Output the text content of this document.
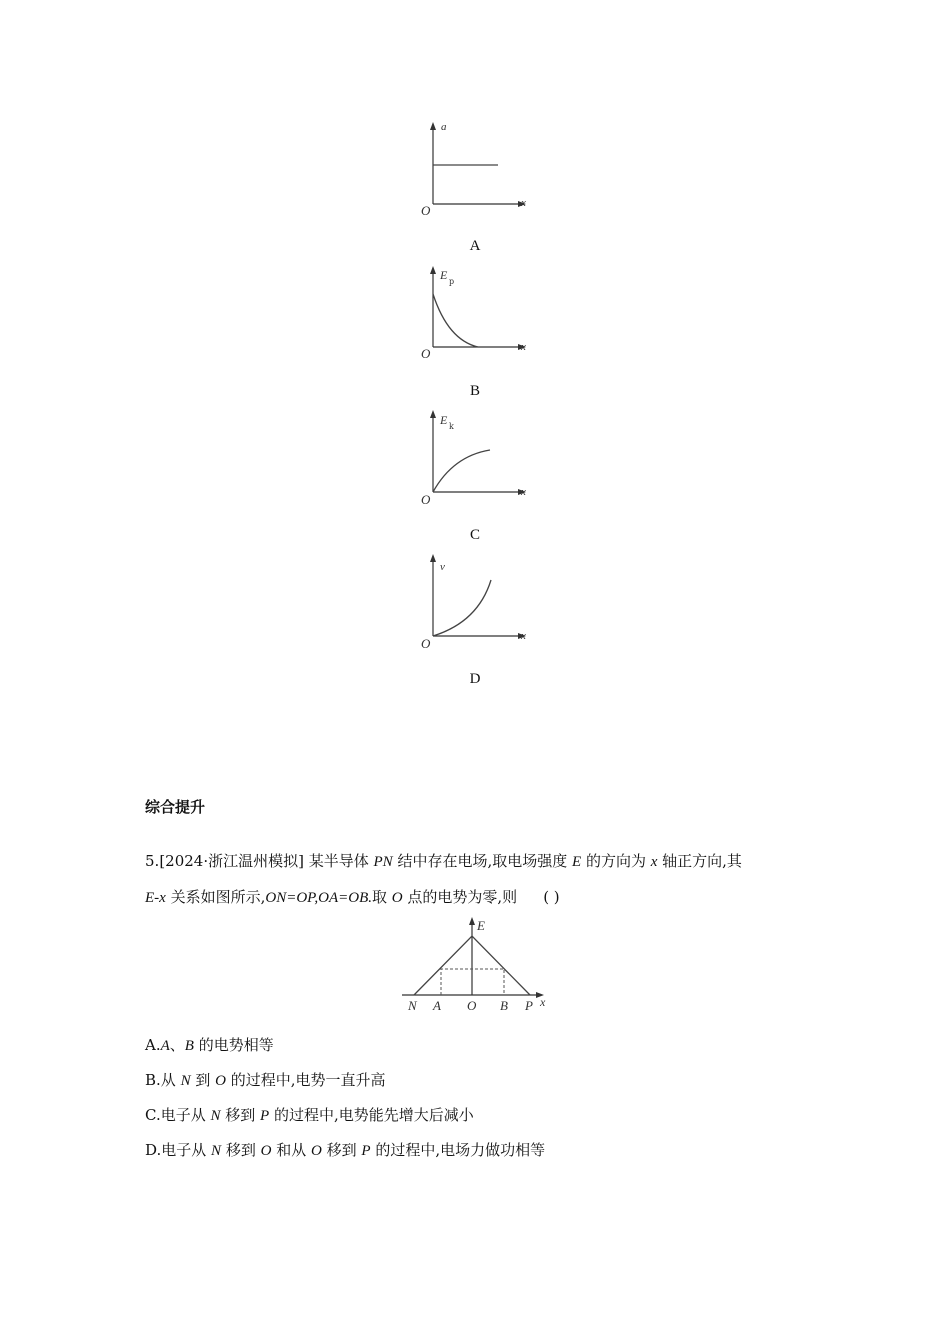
a
x
O
A
E p
x
O
B
E k
x
O
C
v
x
O
D
综合提升
5.[2024·浙江温州模拟] 某半导体 PN 结中存在电场,取电场强度 E 的方向为 x 轴正方向,其
E-x 关系如图所示,ON=OP,OA=OB.取 O 点的电势为零,则 ( )
E
x
N A O B P
A.A、B 的电势相等
B.从 N 到 O 的过程中,电势一直升高
C.电子从 N 移到 P 的过程中,电势能先增大后减小
D.电子从 N 移到 O 和从 O 移到 P 的过程中,电场力做功相等
